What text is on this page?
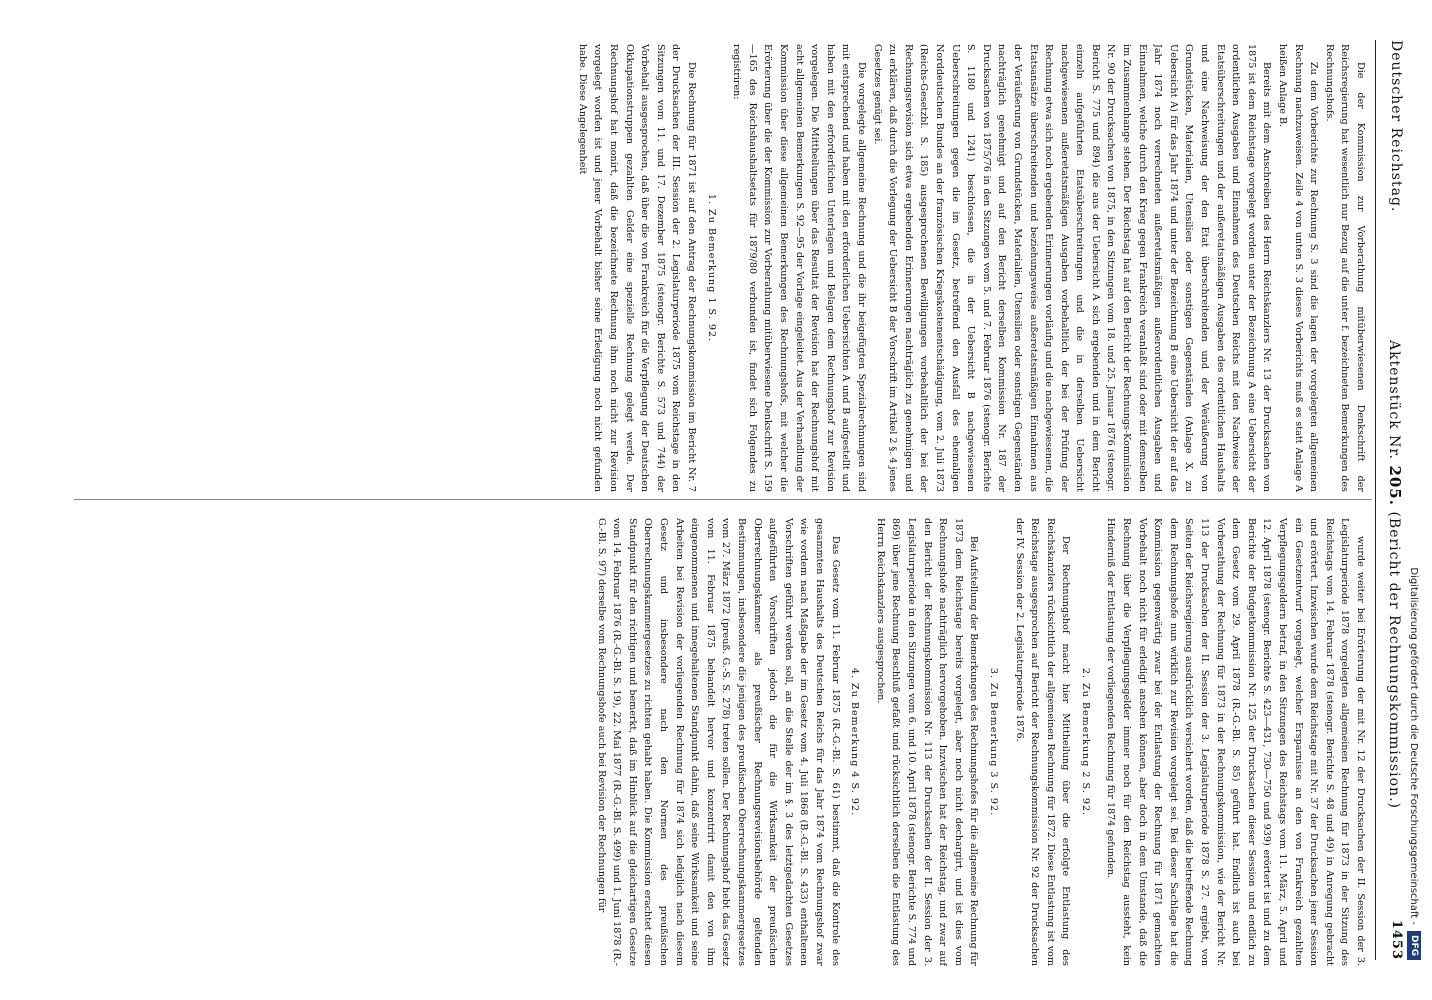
Deutscher Reichstag.
Aktenstück Nr. 205. (Bericht der Rechnungskommission.)
1453

Die der Kommission zur Vorberathung mitüberwiesenen Denkschrift der Reichsregierung hat wesentlich nur Bezug auf die unter f. bezeichneten Bemerkungen des Rechnungshofs.

Zu dem Vorberichte zur Rechnung S. 3 sind die lagen der vorgelegten allgemeinen Rechnung nachzuweisen. Zeile 4 von unten S. 3 dieses Vorberichts muß es statt Anlage A heißen Anlage B.

Bereits mit dem Anschreiben des Herrn Reichskanzlers Nr. 13 der Drucksachen von 1875 ist dem Reichstage vorgelegt worden unter der Bezeichnung A eine Uebersicht der ordentlichen Ausgaben und Einnahmen des Deutschen Reichs mit den Nachweise der Etatsüberschreitungen und der außeretatsmäßigen Ausgaben des ordentlichen Haushalts und eine Nachweisung der den Etat überschreitenden und der Veräußerung von Grundstücken, Materialien, Utensilien oder sonstigen Gegenständen (Anlage X. zu Uebersicht A) für das Jahr 1874 und unter der Bezeichnung B eine Uebersicht der auf das Jahr 1874 noch verrechneten außeretatsmäßigen außerordentlichen Ausgaben und Einnahmen, welche durch den Krieg gegen Frankreich veranlaßt sind oder mit demselben im Zusammenhange stehen. Der Reichstag hat auf den Bericht der Rechnungs-Kommission Nr. 90 der Drucksachen von 1875, in den Sitzungen vom 18. und 25. Januar 1876 (stenogr. Bericht S. 775 und 894) die aus der Uebersicht A sich ergebenden und in dem Bericht einzeln aufgeführten Etatsüberschreitungen und die in derselben Uebersicht nachgewiesenen außeretatsmäßigen Ausgaben vorbehaltlich der bei der Prüfung der Rechnung etwa sich noch ergebenden Erinnerungen vorläufig und die nachgewiesenen, die Etatsansätze überschreitenden und beziehungsweise außeretatsmäßigen Einnahmen aus der Veräußerung von Grundstücken, Materialien, Utensilien oder sonstigen Gegenständen nachträglich genehmigt und auf den Bericht derselben Kommission Nr. 187 der Drucksachen von 1875/76 in den Sitzungen vom 5. und 7. Februar 1876 (stenogr. Berichte S. 1180 und 1241) beschlossen, die in der Uebersicht B nachgewiesenen Ueberschreitungen gegen die im Gesetz, betreffend den Ausfall des ehemaligen Norddeutschen Bundes an der französischen Kriegskostenentschädigung, vom 2. Juli 1873 (Reichs-Gesetzbl. S. 185) ausgesprochenen Bewilligungen vorbehaltlich der bei der Rechnungsrevision sich etwa ergebenden Erinnerungen nachträglich zu genehmigen und zu erklären, daß durch die Vorlegung der Uebersicht B der Vorschrift im Artikel 2 §. 4 jenes Gesetzes genügt sei.

Die vorgelegte allgemeine Rechnung und die ihr beigefügten Spezialrechnungen sind mit entsprechend und haben mit den erforderlichen Uebersichten A und B aufgestellt und haben mit den erforderlichen Unterlagen und Belagen dem Rechnungshof zur Revision vorgelegen. Die Mittheilungen über das Resultat der Revision hat der Rechnungshof mit acht allgemeinen Bemerkungen S. 92—95 der Vorlage eingeleitet. Aus der Verhandlung der Kommission über diese allgemeinen Bemerkungen des Rechnungshofs, mit welcher die Erörterung über die der Kommission zur Vorberathung mitüberwiesene Denkschrift S. 159—165 des Reichshaushaltsetats für 1879/80 verbunden ist, findet sich Folgendes zu registriren:

1. Zu Bemerkung 1 S. 92.

Die Rechnung für 1871 ist auf den Antrag der Rechnungskommission im Bericht Nr. 7 der Drucksachen der III. Session der 2. Legislaturperiode 1875 vom Reichstage in den Sitzungen vom 11. und 17. Dezember 1875 (stenogr. Berichte S. 573 und 744) der Vorbehalt ausgesprochen, daß über die von Frankreich für die Verpflegung der Deutschen Okkupationstruppen gezahlten Gelder eine spezielle Rechnung gelegt werde. Der Rechnungshof hat monirt, daß die bezeichnete Rechnung ihm noch nicht zur Revision vorgelegt worden ist und jener Vorbehalt bisher seine Erledigung noch nicht gefunden habe. Diese Angelegenheit

wurde weiter bei Erörterung der mit Nr. 12 der Drucksachen der II. Session der 3. Legislaturperiode 1878 vorgelegten allgemeinen Rechnung für 1873 in der Sitzung des Reichstags vom 14. Februar 1878 (stenogr. Berichte S. 48 und 49) in Anregung gebracht und erörtert. Inzwischen wurde dem Reichstage mit Nr. 37 der Drucksachen jener Session ein Gesetzentwurf vorgelegt, welcher Ersparnisse an den von Frankreich gezahlten Verpflegungsgeldern betraf, in den Sitzungen des Reichstags vom 11. März, 5. April und 12. April 1878 (stenogr. Berichte S. 423—431, 730—750 und 939) erörtert ist und zu dem Berichte der Budgetkommission Nr. 125 der Drucksachen dieser Session und endlich zu dem Gesetz vom 29. April 1878 (R.-G.-Bl. S. 85) geführt hat. Endlich ist auch bei Vorberathung der Rechnung für 1873 in der Rechnungskommission, wie der Bericht Nr. 113 der Drucksachen der II. Session der 3. Legislaturperiode 1878 S. 27. ergiebt, von Seiten der Reichsregierung ausdrücklich versichert worden, daß die betreffende Rechnung dem Rechnungshofe nun wirklich zur Revision vorgelegt sei. Bei dieser Sachlage hat die Kommission gegenwärtig zwar bei der Entlastung der Rechnung für 1871 gemachten Vorbehalt noch nicht für erledigt ansehen können, aber doch in dem Umstande, daß die Rechnung über die Verpflegungsgelder immer noch für den Reichstag aussteht, kein Hinderniß der Entlastung der vorliegenden Rechnung für 1874 gefunden.

2. Zu Bemerkung 2 S. 92.

Der Rechnungshof macht hier Mittheilung über die erfolgte Entlastung des Reichskanzlers rücksichtlich der allgemeinen Rechnung für 1872. Diese Entlastung ist vom Reichstage ausgesprochen auf Bericht der Rechnungskommission Nr. 92 der Drucksachen der IV. Session der 2. Legislaturperiode 1876.

3. Zu Bemerkung 3 S. 92.

Bei Aufstellung der Bemerkungen des Rechnungshofes für die allgemeine Rechnung für 1873 dem Reichstage bereits vorgelegt, aber noch nicht dechargirt, und ist dies vom Rechnungshofe nachträglich hervorgehoben. Inzwischen hat der Reichstag, und zwar auf den Bericht der Rechnungskommission Nr. 113 der Drucksachen der II. Session der 3. Legislaturperiode in den Sitzungen vom 6. und 10. April 1878 (stenogr. Berichte S. 774 und 869) über jene Rechnung Beschluß gefaßt und rücksichtlich derselben die Entlastung des Herrn Reichskanzlers ausgesprochen.

4. Zu Bemerkung 4 S. 92.

Das Gesetz vom 11. Februar 1875 (R.-G.-Bl. S. 61) bestimmt, daß die Kontrole des gesammten Haushalts des Deutschen Reichs für das Jahr 1874 vom Rechnungshof zwar wie vordem nach Maßgabe der im Gesetz vom 4. Juli 1868 (B.-G.-Bl. S. 433) enthaltenen Vorschriften geführt werden soll, an die Stelle der im §. 3 des letztgedachten Gesetzes aufgeführten Vorschriften jedoch die für die Wirksamkeit der preußischen Oberrechnungskammer als preußischer Rechnungsrevisionsbehörde geltenden Bestimmungen, insbesondere die jenigen des preußischen Oberrechnungskammergesetzes vom 27. März 1872 (preuß. G.-S. S. 278) treten sollen. Der Rechnungshof hebt das Gesetz vom 11. Februar 1875 behandelt hervor und konzentrirt damit den von ihm eingenommenen und innegehaltenen Standpunkt dahin, daß seine Wirksamkeit und seine Arbeiten bei Revision der vorliegenden Rechnung für 1874 sich lediglich nach diesem Gesetz und insbesondere nach den Normen des preußischen Oberrechnungskammergesetzes zu richten gehabt haben. Die Kommission erachtet diesen Standpunkt für den richtigen und bemerkt, daß im Hinblick auf die gleichartigen Gesetze vom 14. Februar 1876 (R.-G.-Bl. S. 19), 22. Mai 1877 (R.-G.-Bl. S. 499) und 1. Juni 1878 (R.-G.-Bl. S. 97) derselbe vom Rechnungshofe auch bei Revision der Rechnungen für	Digitalisierung gefördert durch die Deutsche Forschungsgemeinschaft -DFG
